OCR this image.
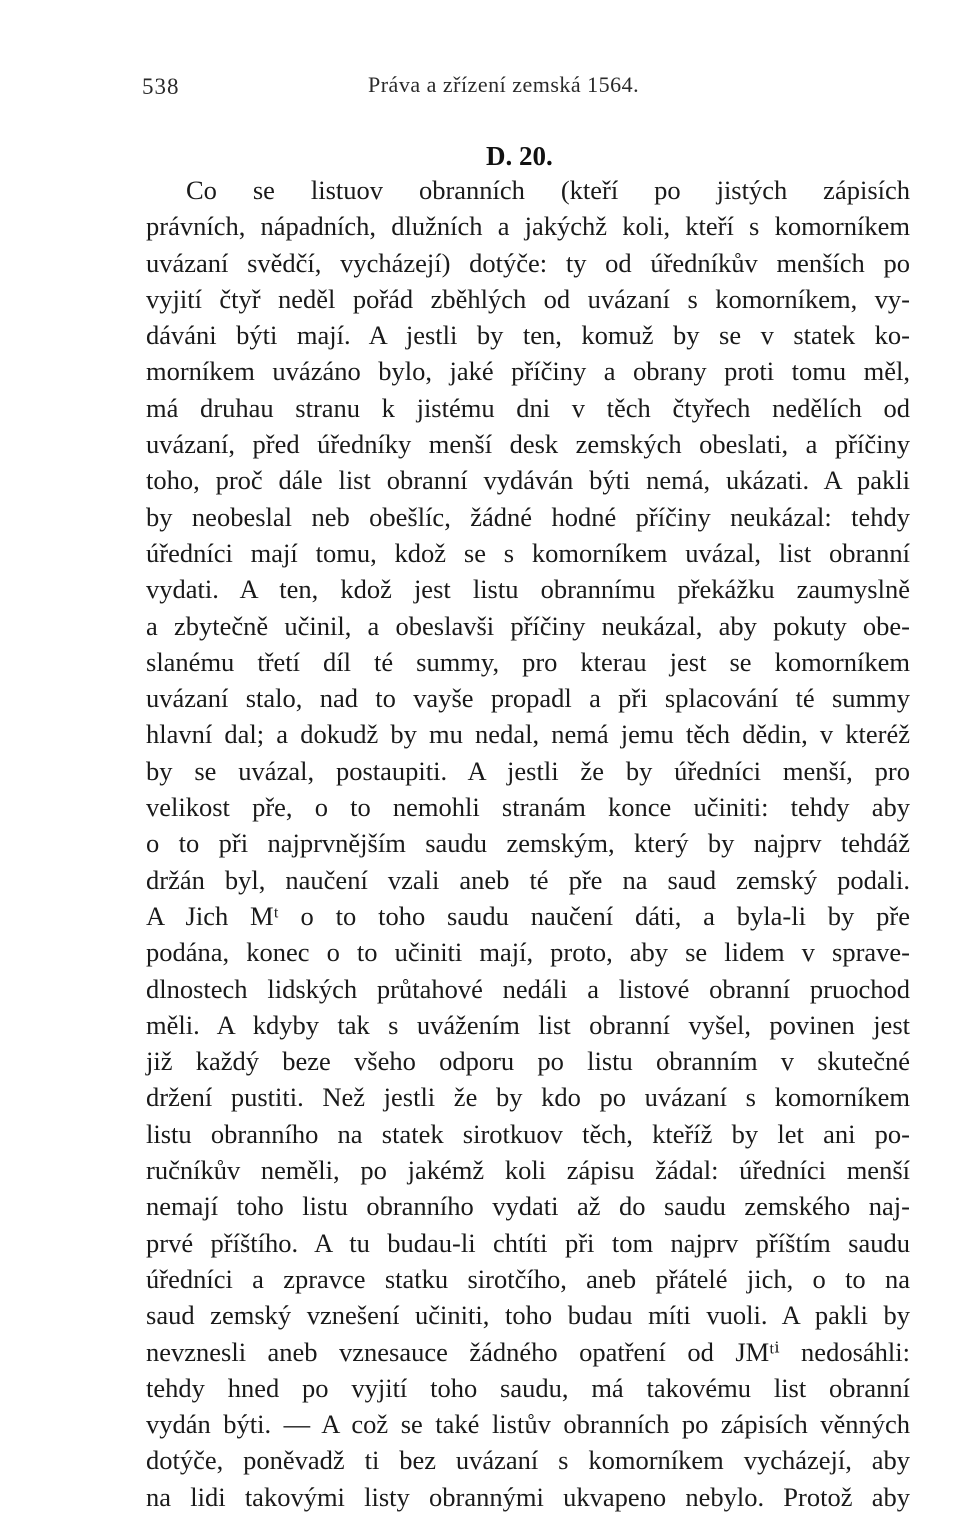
538	Práva a zřízení zemská 1564.
D. 20.
Co se listuov obranních (kteří po jistých zápisích
právních, nápadních, dlužních a jakýchž koli, kteří s komorníkem
uvázaní svědčí, vycházejí) dotýče: ty od úředníkův menších po
vyjití čtyř neděl pořád zběhlých od uvázaní s komorníkem, vy-
dáváni býti mají. A jestli by ten, komuž by se v statek ko-
morníkem uvázáno bylo, jaké příčiny a obrany proti tomu měl,
má druhau stranu k jistému dni v těch čtyřech nedělích od
uvázaní, před úředníky menší desk zemských obeslati, a příčiny
toho, proč dále list obranní vydáván býti nemá, ukázati. A pakli
by neobeslal neb obešlíc, žádné hodné příčiny neukázal: tehdy
úředníci mají tomu, kdož se s komorníkem uvázal, list obranní
vydati. A ten, kdož jest listu obrannímu překážku zaumyslně
a zbytečně učinil, a obeslavši příčiny neukázal, aby pokuty obe-
slanému třetí díl té summy, pro kterau jest se komorníkem
uvázaní stalo, nad to vayše propadl a při splacování té summy
hlavní dal; a dokudž by mu nedal, nemá jemu těch dědin, v kteréž
by se uvázal, postaupiti. A jestli že by úředníci menší, pro
velikost pře, o to nemohli stranám konce učiniti: tehdy aby
o to při najprvnějším saudu zemským, který by najprv tehdáž
držán byl, naučení vzali aneb té pře na saud zemský podali.
A Jich Mᵗ o to toho saudu naučení dáti, a byla-li by pře
podána, konec o to učiniti mají, proto, aby se lidem v sprave-
dlnostech lidských průtahové nedáli a listové obranní pruochod
měli. A kdyby tak s uvážením list obranní vyšel, povinen jest
již každý beze všeho odporu po listu obranním v skutečné
držení pustiti. Než jestli že by kdo po uvázaní s komorníkem
listu obranního na statek sirotkuov těch, kteříž by let ani po-
ručníkův neměli, po jakémž koli zápisu žádal: úředníci menší
nemají toho listu obranního vydati až do saudu zemského naj-
prvé příštího. A tu budau-li chtíti při tom najprv příštím saudu
úředníci a zpravce statku sirotčího, aneb přátelé jich, o to na
saud zemský vznešení učiniti, toho budau míti vuoli. A pakli by
nevznesli aneb vznesauce žádného opatření od JMᵗⁱ nedosáhli:
tehdy hned po vyjití toho saudu, má takovému list obranní
vydán býti. — A což se také listův obranních po zápisích věnných
dotýče, poněvadž ti bez uvázaní s komorníkem vycházejí, aby
na lidi takovými listy obrannými ukvapeno nebylo. Protož aby
